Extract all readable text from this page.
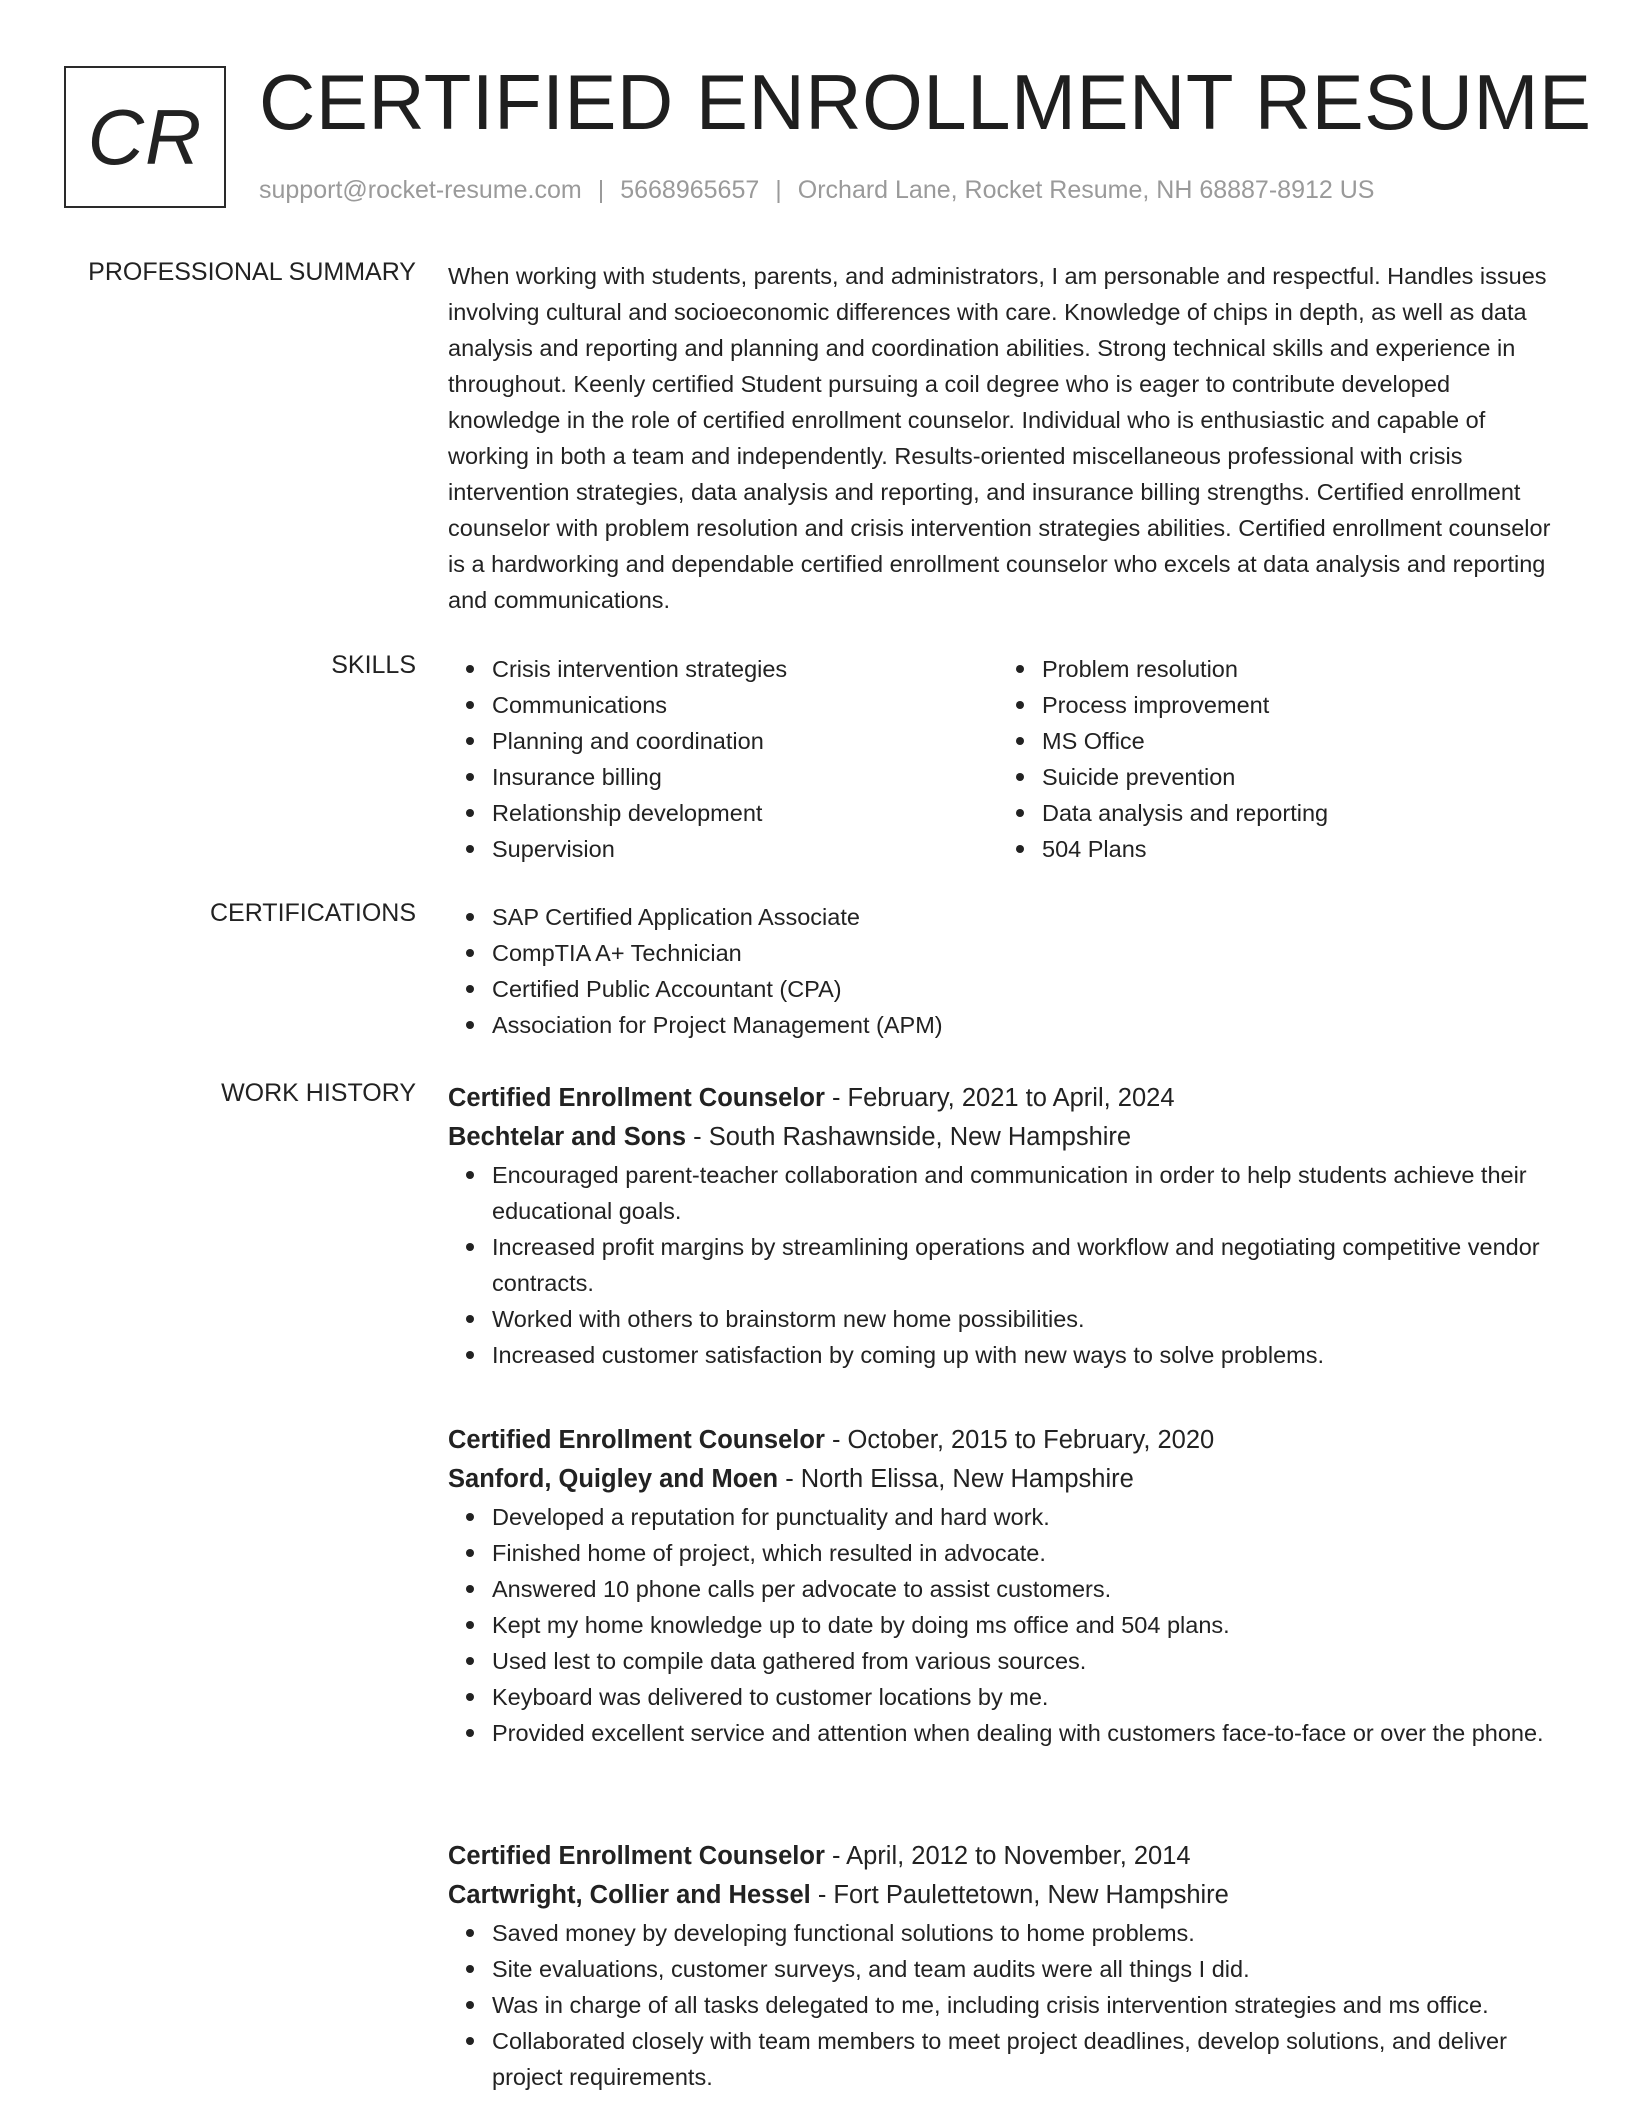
CR CERTIFIED ENROLLMENT RESUME
support@rocket-resume.com | 5668965657 | Orchard Lane, Rocket Resume, NH 68887-8912 US
PROFESSIONAL SUMMARY When working with students, parents, and administrators, I am personable and respectful. Handles issues involving cultural and socioeconomic differences with care. Knowledge of chips in depth, as well as data analysis and reporting and planning and coordination abilities. Strong technical skills and experience in throughout. Keenly certified Student pursuing a coil degree who is eager to contribute developed knowledge in the role of certified enrollment counselor. Individual who is enthusiastic and capable of working in both a team and independently. Results-oriented miscellaneous professional with crisis intervention strategies, data analysis and reporting, and insurance billing strengths. Certified enrollment counselor with problem resolution and crisis intervention strategies abilities. Certified enrollment counselor is a hardworking and dependable certified enrollment counselor who excels at data analysis and reporting and communications.

SKILLS	Crisis intervention strategies
Communications
Planning and coordination
Insurance billing
Relationship development
Supervision
Problem resolution
Process improvement
MS Office
Suicide prevention
Data analysis and reporting
504 Plans
CERTIFICATIONS	SAP Certified Application Associate
CompTIA A+ Technician
Certified Public Accountant (CPA)
Association for Project Management (APM)
WORK HISTORY Certified Enrollment Counselor - February, 2021 to April, 2024
Bechtelar and Sons - South Rashawnside, New Hampshire
Encouraged parent-teacher collaboration and communication in order to help students achieve their educational goals.
Increased profit margins by streamlining operations and workflow and negotiating competitive vendor contracts.
Worked with others to brainstorm new home possibilities.
Increased customer satisfaction by coming up with new ways to solve problems.
Certified Enrollment Counselor - October, 2015 to February, 2020
Sanford, Quigley and Moen - North Elissa, New Hampshire
Developed a reputation for punctuality and hard work.
Finished home of project, which resulted in advocate.
Answered 10 phone calls per advocate to assist customers.
Kept my home knowledge up to date by doing ms office and 504 plans.
Used lest to compile data gathered from various sources.
Keyboard was delivered to customer locations by me.
Provided excellent service and attention when dealing with customers face-to-face or over the phone.
Certified Enrollment Counselor - April, 2012 to November, 2014
Cartwright, Collier and Hessel - Fort Paulettetown, New Hampshire
Saved money by developing functional solutions to home problems.
Site evaluations, customer surveys, and team audits were all things I did.
Was in charge of all tasks delegated to me, including crisis intervention strategies and ms office.
Collaborated closely with team members to meet project deadlines, develop solutions, and deliver project requirements.
